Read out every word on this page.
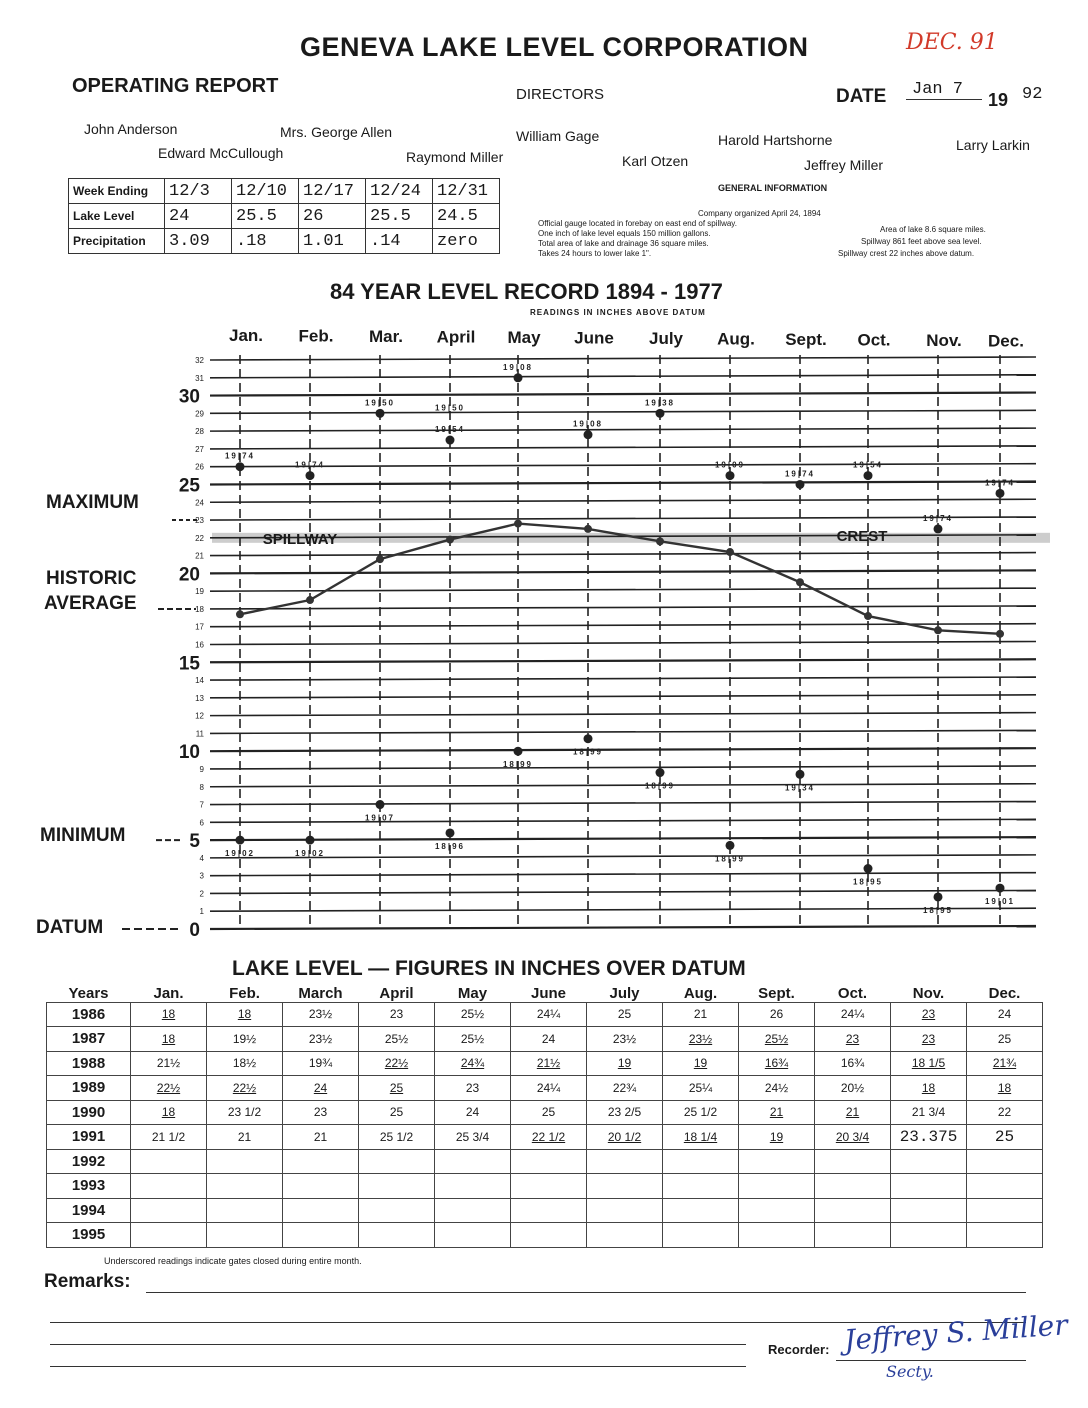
GENEVA LAKE LEVEL CORPORATION	DEC. 91
OPERATING REPORT	DIRECTORS	DATE	Jan 7
19 92
John Anderson	Mrs. George Allen	William Gage	Harold Hartshorne	Larry Larkin
Edward McCullough	Raymond Miller	Karl Otzen	Jeffrey Miller
Week Ending	12/3	12/10	12/17	12/24	12/31
Lake Level	24	25.5	26	25.5	24.5
Precipitation	3.09	.18	1.01	.14	zero
GENERAL INFORMATION
Company organized April 24, 1894
Official gauge located in forebay on east end of spillway.
One inch of lake level equals 150 million gallons.
Total area of lake and drainage 36 square miles.
Takes 24 hours to lower lake 1".
Area of lake 8.6 square miles.
Spillway 861 feet above sea level.
Spillway crest 22 inches above datum.
84 YEAR LEVEL RECORD 1894 - 1977
READINGS IN INCHES ABOVE DATUM
MAXIMUM
HISTORIC
AVERAGE
MINIMUM
DATUM
1
2
3
4
6
7
8
9
11
12
13
14
16
17
18
19
21
22
23
24
26
27
28
29
31
32
30
25
20
15
10
5
0
Jan. Feb. Mar. April May June July Aug. Sept. Oct. Nov. Dec.
SPILLWAY	CREST
19|74
19|74
19|50
19|54
19|08
19|08
19|38
19|09
19|74
19|54
19|74
19|74
19|02	19|02
19|07
18|96
18|99
18|99
18|99
18|99
19|34
18|95
18|95
19|01
19|50
LAKE LEVEL — FIGURES IN INCHES OVER DATUM
Years	Jan.	Feb.	March	April	May	June	July	Aug.	Sept.	Oct.	Nov.	Dec.
1986	18	18	23½	23	25½	24¼	25	21	26	24¼	23	24
1987	18	19½	23½	25½	25½	24	23½	23½	25½	23	23	25
1988	21½	18½	19¾	22½	24¾	21½	19	19	16¾	16¾	18 1/5	21¾
1989	22½	22½	24	25	23	24¼	22¾	25¼	24½	20½	18	18
1990	18	23 1/2	23	25	24	25	23 2/5	25 1/2	21	21	21 3/4	22
1991	21 1/2	21	21	25 1/2	25 3/4	22 1/2	20 1/2	18 1/4	19	20 3/4	23.375	25
1992												
1993												
1994												
1995												
Underscored readings indicate gates closed during entire month.
Remarks:
Recorder: Jeffrey S. Miller
Secty.
